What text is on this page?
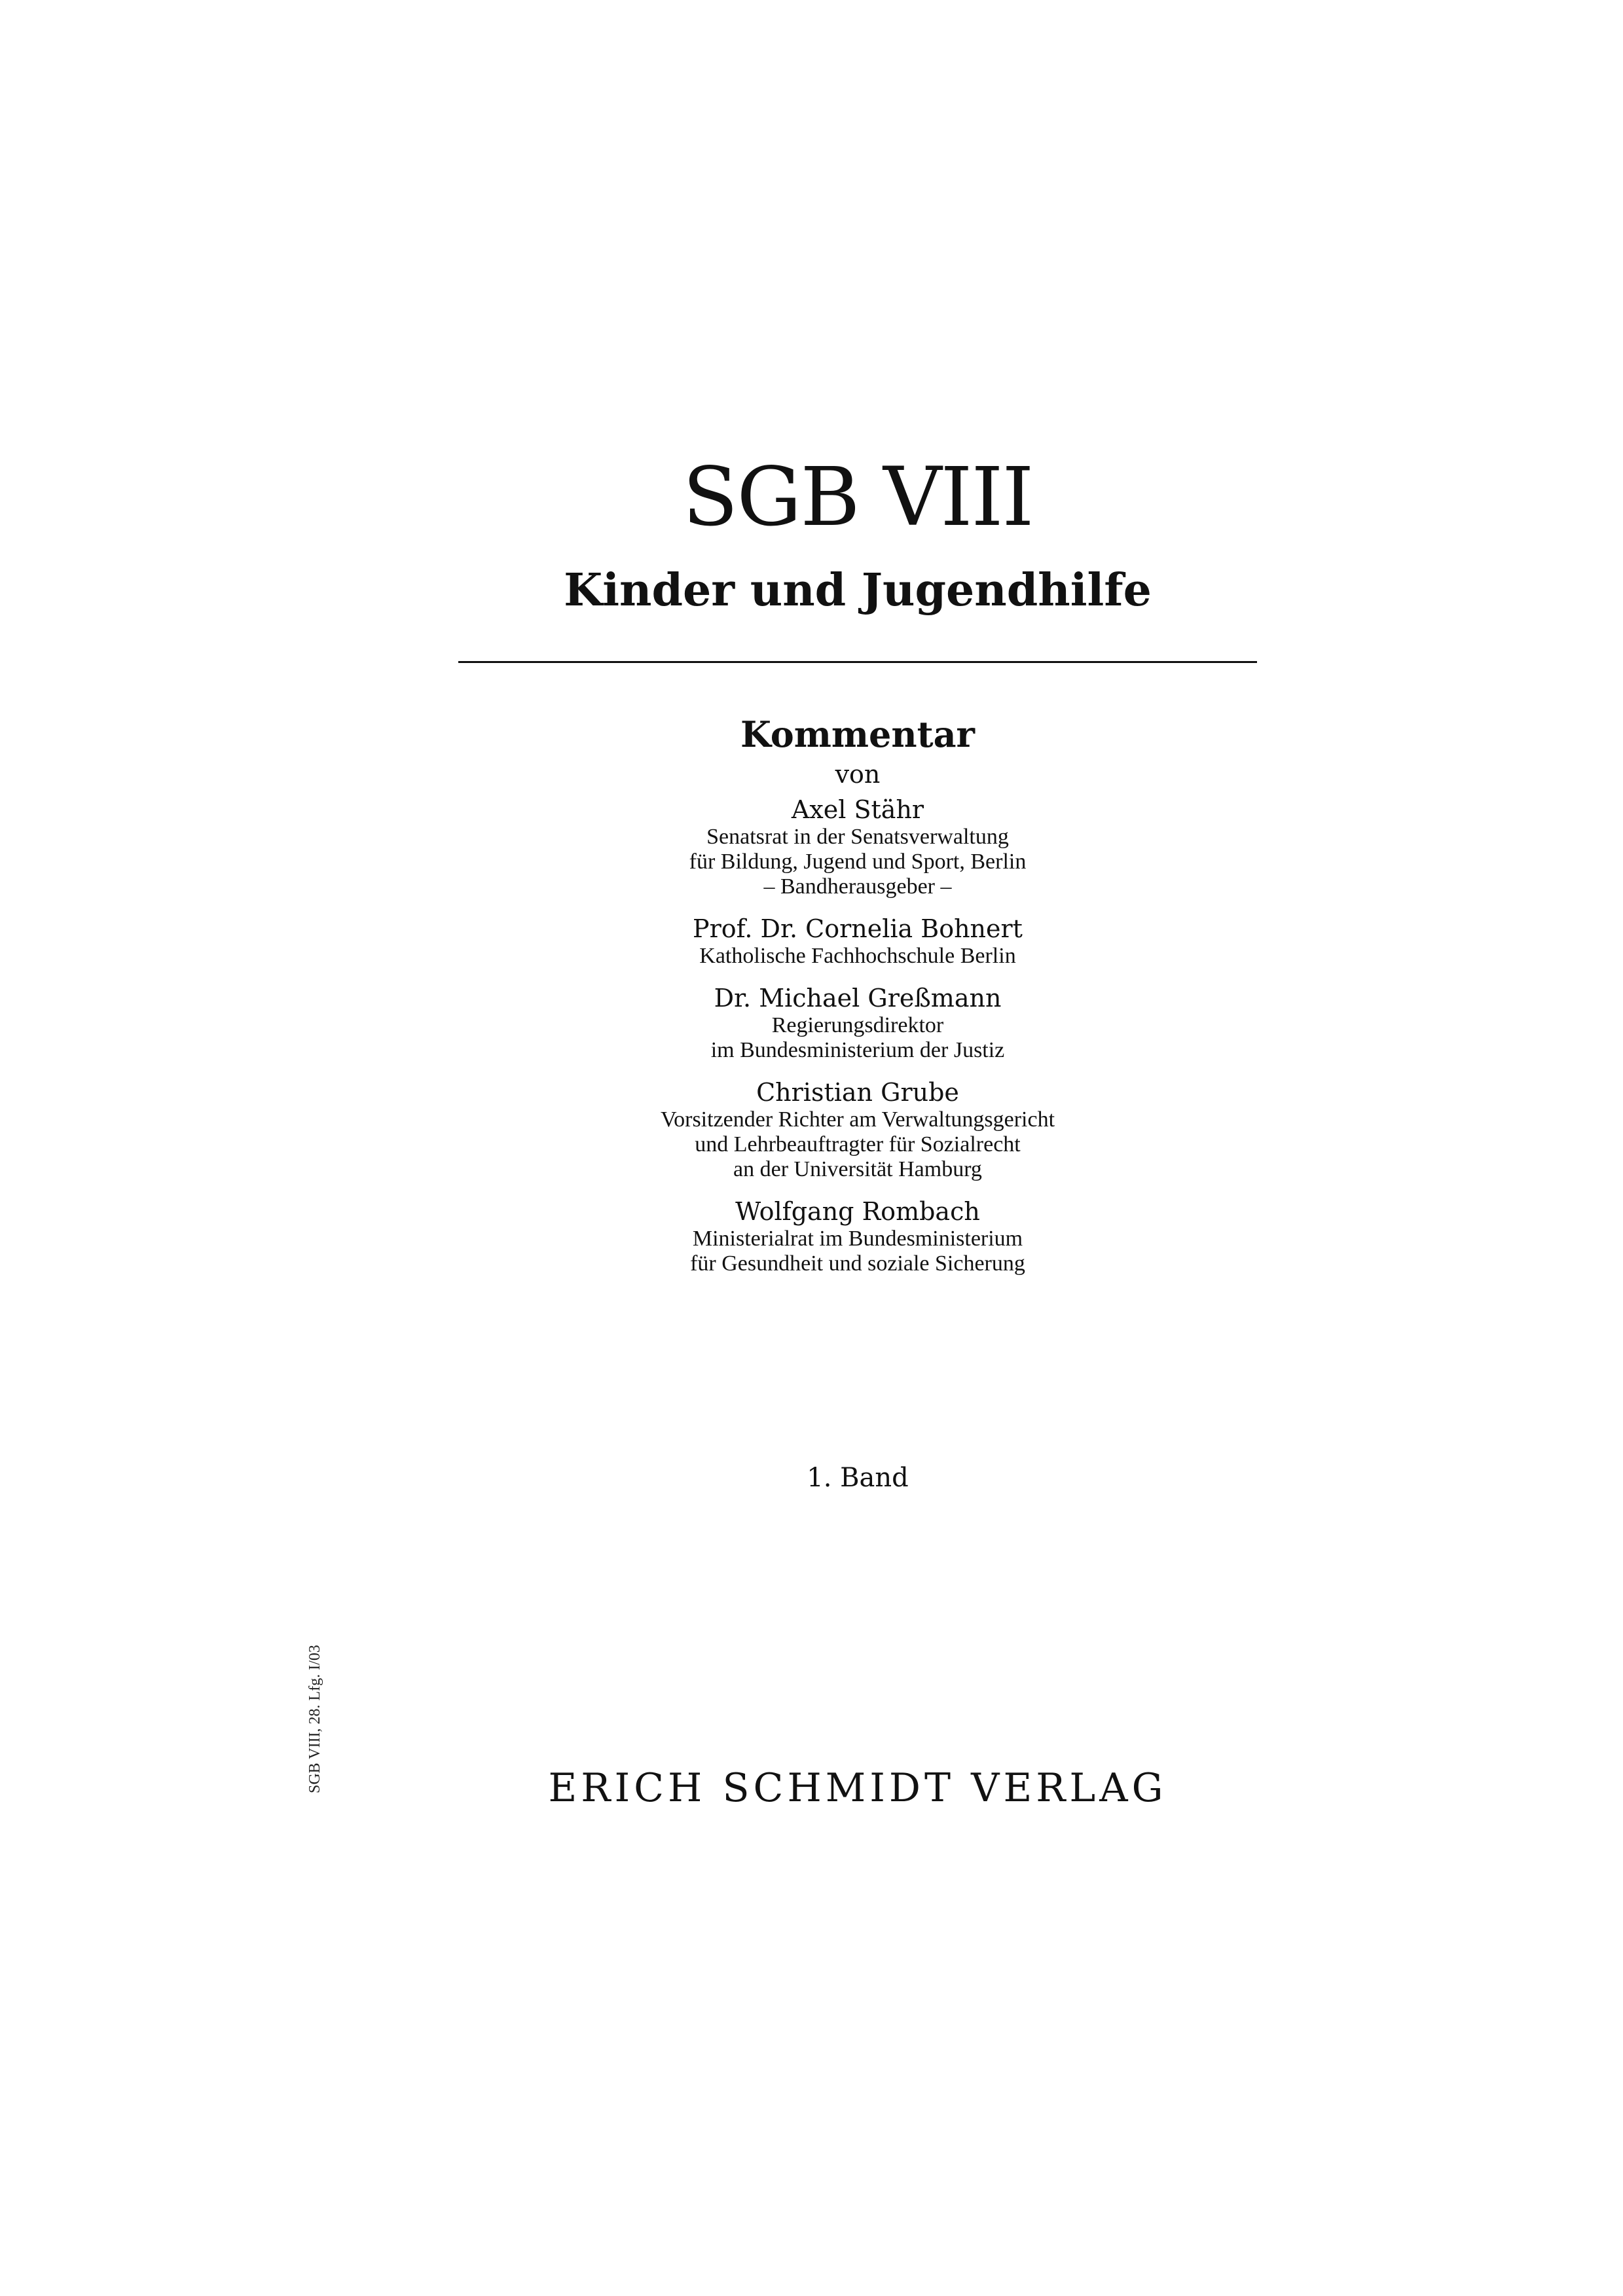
SGB VIII
Kinder und Jugendhilfe
Kommentar
von
Axel Stähr
Senatsrat in der Senatsverwaltung
für Bildung, Jugend und Sport, Berlin
– Bandherausgeber –
Prof. Dr. Cornelia Bohnert
Katholische Fachhochschule Berlin
Dr. Michael Greßmann
Regierungsdirektor
im Bundesministerium der Justiz
Christian Grube
Vorsitzender Richter am Verwaltungsgericht
und Lehrbeauftragter für Sozialrecht
an der Universität Hamburg
Wolfgang Rombach
Ministerialrat im Bundesministerium
für Gesundheit und soziale Sicherung
1. Band
ERICH SCHMIDT VERLAG
SGB VIII, 28. Lfg. I/03
